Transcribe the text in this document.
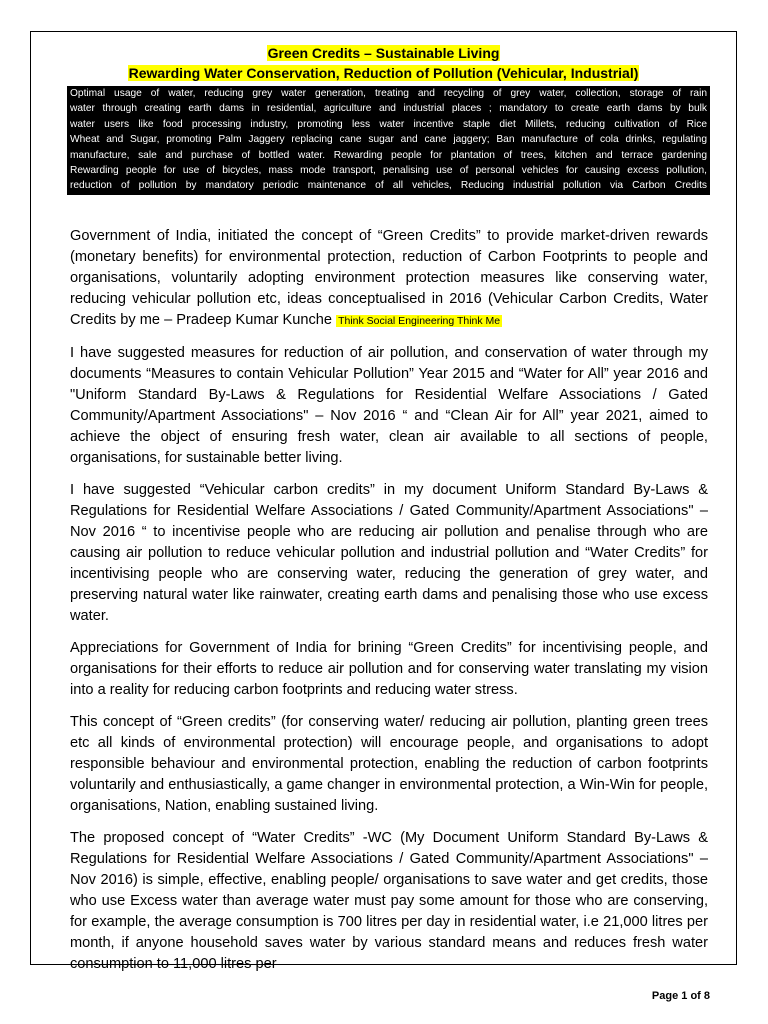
Green Credits – Sustainable Living
Rewarding Water Conservation, Reduction of Pollution (Vehicular, Industrial)

Optimal usage of water, reducing grey water generation, treating and recycling of grey water, collection, storage of rain

water through creating earth dams in residential, agriculture and industrial places ; mandatory to create earth dams by bulk

water users like food processing industry, promoting less water incentive staple diet Millets, reducing cultivation of Rice

Wheat and Sugar, promoting Palm Jaggery replacing cane sugar and cane jaggery; Ban manufacture of cola drinks, regulating

manufacture, sale and purchase of bottled water. Rewarding people for plantation of trees, kitchen and terrace gardening

Rewarding people for use of bicycles, mass mode transport, penalising use of personal vehicles for causing excess pollution,

reduction of pollution by mandatory periodic maintenance of all vehicles, Reducing industrial pollution via Carbon Credits

Government of India, initiated the concept of “Green Credits” to provide market-driven rewards (monetary benefits) for environmental protection, reduction of Carbon Footprints to people and organisations, voluntarily adopting environment protection measures like conserving water, reducing vehicular pollution etc, ideas conceptualised in 2016 (Vehicular Carbon Credits, Water Credits by me – Pradeep Kumar Kunche Think Social Engineering Think Me

I have suggested measures for reduction of air pollution, and conservation of water through my documents “Measures to contain Vehicular Pollution” Year 2015 and “Water for All” year 2016 and "Uniform Standard By-Laws & Regulations for Residential Welfare Associations / Gated Community/Apartment Associations" – Nov 2016 “ and “Clean Air for All” year 2021, aimed to achieve the object of ensuring fresh water, clean air available to all sections of people, organisations, for sustainable better living.

I have suggested “Vehicular carbon credits” in my document Uniform Standard By-Laws & Regulations for Residential Welfare Associations / Gated Community/Apartment Associations" – Nov 2016 “ to incentivise people who are reducing air pollution and penalise through who are causing air pollution to reduce vehicular pollution and industrial pollution and “Water Credits” for incentivising people who are conserving water, reducing the generation of grey water, and preserving natural water like rainwater, creating earth dams and penalising those who use excess water.

Appreciations for Government of India for brining “Green Credits” for incentivising people, and organisations for their efforts to reduce air pollution and for conserving water translating my vision into a reality for reducing carbon footprints and reducing water stress.

This concept of “Green credits” (for conserving water/ reducing air pollution, planting green trees etc all kinds of environmental protection) will encourage people, and organisations to adopt responsible behaviour and environmental protection, enabling the reduction of carbon footprints voluntarily and enthusiastically, a game changer in environmental protection, a Win-Win for people, organisations, Nation, enabling sustained living.

The proposed concept of “Water Credits” -WC (My Document Uniform Standard By-Laws & Regulations for Residential Welfare Associations / Gated Community/Apartment Associations" – Nov 2016) is simple, effective, enabling people/ organisations to save water and get credits, those who use Excess water than average water must pay some amount for those who are conserving, for example, the average consumption is 700 litres per day in residential water, i.e 21,000 litres per month, if anyone household saves water by various standard means and reduces fresh water consumption to 11,000 litres per

Page 1 of 8
